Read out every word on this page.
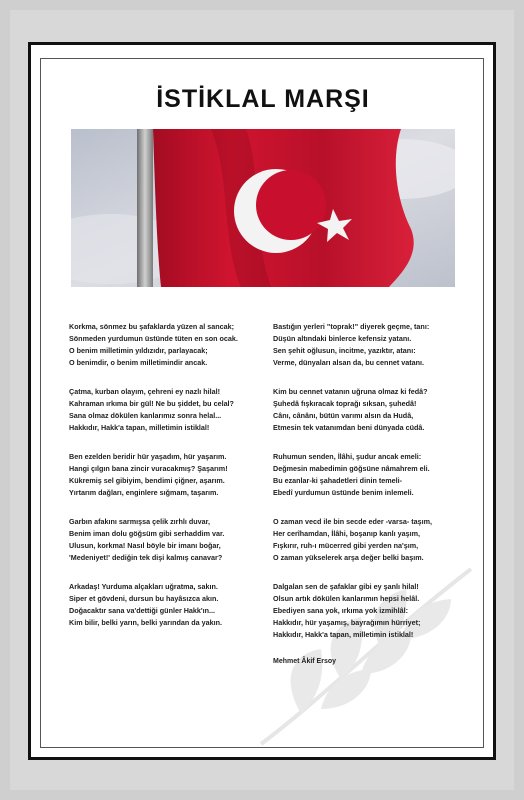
İSTİKLAL MARŞI
Korkma, sönmez bu şafaklarda yüzen al sancak;
Sönmeden yurdumun üstünde tüten en son ocak.
O benim milletimin yıldızıdır, parlayacak;
O benimdir, o benim milletimindir ancak.
Çatma, kurban olayım, çehreni ey nazlı hilal!
Kahraman ırkıma bir gül! Ne bu şiddet, bu celal?
Sana olmaz dökülen kanlarımız sonra helal...
Hakkıdır, Hakk'a tapan, milletimin istiklal!
Ben ezelden beridir hür yaşadım, hür yaşarım.
Hangi çılgın bana zincir vuracakmış? Şaşarım!
Kükremiş sel gibiyim, bendimi çiğner, aşarım.
Yırtarım dağları, enginlere sığmam, taşarım.
Garbın afakını sarmışsa çelik zırhlı duvar,
Benim iman dolu göğsüm gibi serhaddim var.
Ulusun, korkma! Nasıl böyle bir imanı boğar,
'Medeniyet!' dediğin tek dişi kalmış canavar?
Arkadaş! Yurduma alçakları uğratma, sakın.
Siper et gövdeni, dursun bu hayâsızca akın.
Doğacaktır sana va'dettiği günler Hakk'ın...
Kim bilir, belki yarın, belki yarından da yakın.
Bastığın yerleri "toprak!" diyerek geçme, tanı:
Düşün altındaki binlerce kefensiz yatanı.
Sen şehit oğlusun, incitme, yazıktır, atanı:
Verme, dünyaları alsan da, bu cennet vatanı.
Kim bu cennet vatanın uğruna olmaz ki fedâ?
Şuhedâ fışkıracak toprağı sıksan, şuhedâ!
Cânı, cânânı, bütün varımı alsın da Hudâ,
Etmesin tek vatanımdan beni dünyada cüdâ.
Ruhumun senden, İlâhi, şudur ancak emeli:
Değmesin mabedimin göğsüne nâmahrem eli.
Bu ezanlar-ki şahadetleri dinin temeli-
Ebedî yurdumun üstünde benim inlemeli.
O zaman vecd ile bin secde eder -varsa- taşım,
Her cerîhamdan, İlâhi, boşanıp kanlı yaşım,
Fışkırır, ruh-ı mücerred gibi yerden na'şım,
O zaman yükselerek arşa değer belki başım.
Dalgalan sen de şafaklar gibi ey şanlı hilal!
Olsun artık dökülen kanlarımın hepsi helâl.
Ebediyen sana yok, ırkıma yok izmihlâl:
Hakkıdır, hür yaşamış, bayrağımın hürriyet;
Hakkıdır, Hakk'a tapan, milletimin istiklal!
Mehmet Âkif Ersoy
